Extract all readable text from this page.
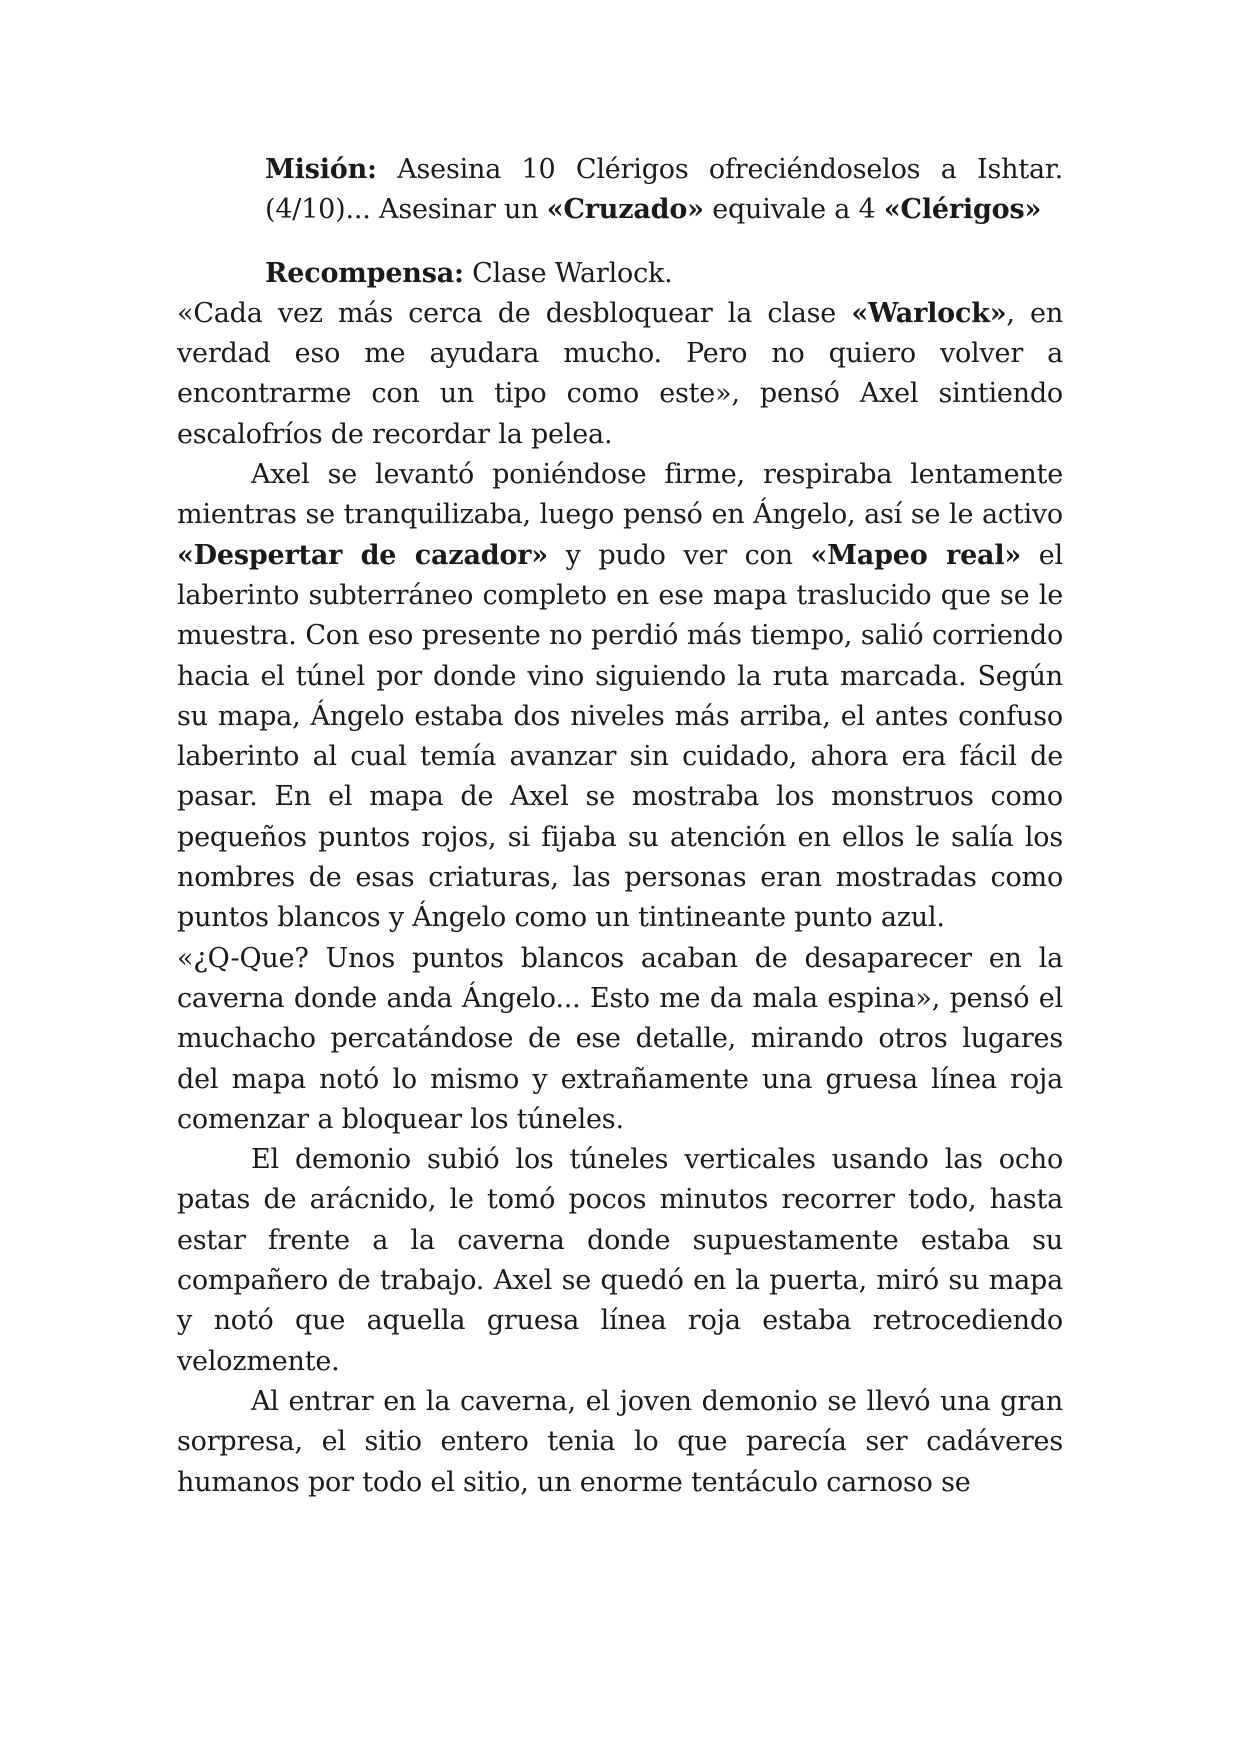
Misión: Asesina 10 Clérigos ofreciéndoselos a Ishtar. (4/10)... Asesinar un «Cruzado» equivale a 4 «Clérigos»

Recompensa: Clase Warlock.

«Cada vez más cerca de desbloquear la clase «Warlock», en verdad eso me ayudara mucho. Pero no quiero volver a encontrarme con un tipo como este», pensó Axel sintiendo escalofríos de recordar la pelea.

Axel se levantó poniéndose firme, respiraba lentamente mientras se tranquilizaba, luego pensó en Ángelo, así se le activo «Despertar de cazador» y pudo ver con «Mapeo real» el laberinto subterráneo completo en ese mapa traslucido que se le muestra. Con eso presente no perdió más tiempo, salió corriendo hacia el túnel por donde vino siguiendo la ruta marcada. Según su mapa, Ángelo estaba dos niveles más arriba, el antes confuso laberinto al cual temía avanzar sin cuidado, ahora era fácil de pasar. En el mapa de Axel se mostraba los monstruos como pequeños puntos rojos, si fijaba su atención en ellos le salía los nombres de esas criaturas, las personas eran mostradas como puntos blancos y Ángelo como un tintineante punto azul.

«¿Q-Que? Unos puntos blancos acaban de desaparecer en la caverna donde anda Ángelo... Esto me da mala espina», pensó el muchacho percatándose de ese detalle, mirando otros lugares del mapa notó lo mismo y extrañamente una gruesa línea roja comenzar a bloquear los túneles.

El demonio subió los túneles verticales usando las ocho patas de arácnido, le tomó pocos minutos recorrer todo, hasta estar frente a la caverna donde supuestamente estaba su compañero de trabajo. Axel se quedó en la puerta, miró su mapa y notó que aquella gruesa línea roja estaba retrocediendo velozmente.

Al entrar en la caverna, el joven demonio se llevó una gran sorpresa, el sitio entero tenia lo que parecía ser cadáveres humanos por todo el sitio, un enorme tentáculo carnoso se
